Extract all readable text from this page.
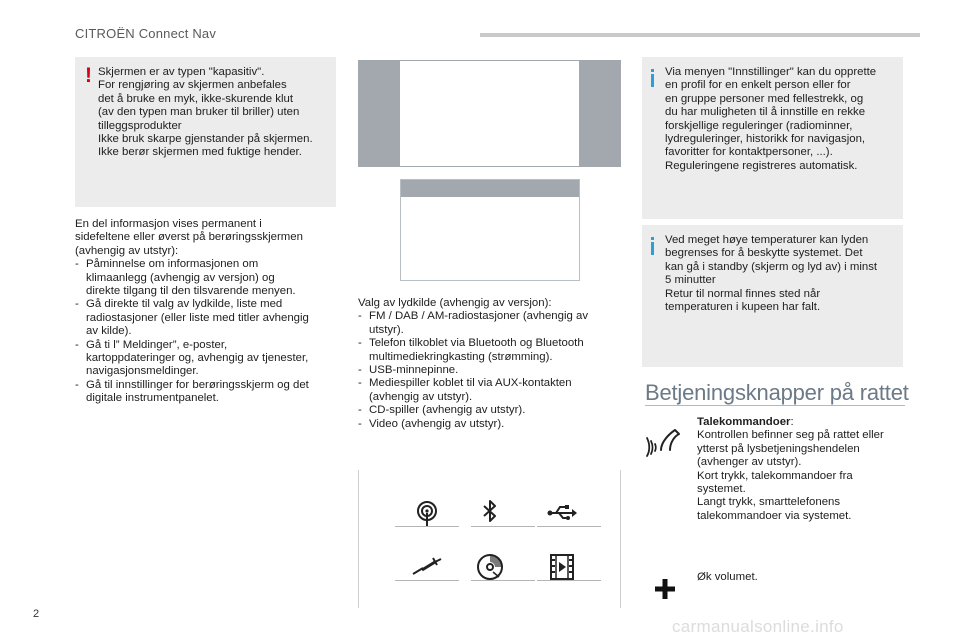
CITROËN Connect Nav
! Skjermen er av typen "kapasitiv".

For rengjøring av skjermen anbefales

det å bruke en myk, ikke-skurende klut

(av den typen man bruker til briller) uten

tilleggsprodukter

Ikke bruk skarpe gjenstander på skjermen.

Ikke berør skjermen med fuktige hender.

En del informasjon vises permanent i

sidefeltene eller øverst på berøringsskjermen

(avhengig av utstyr):

- Påminnelse om informasjonen om
klimaanlegg (avhengig av versjon) og
direkte tilgang til den tilsvarende menyen.
- Gå direkte til valg av lydkilde, liste med
radiostasjoner (eller liste med titler avhengig
av kilde).
- Gå ti l” Meldinger”, e-poster,
kartoppdateringer og, avhengig av tjenester,
navigasjonsmeldinger.
- Gå til innstillinger for berøringsskjerm og det
digitale instrumentpanelet.

Valg av lydkilde (avhengig av versjon):

- FM / DAB / AM-radiostasjoner (avhengig av
utstyr).
- Telefon tilkoblet via Bluetooth og Bluetooth
multimediekringkasting (strømming).
- USB-minnepinne.
- Mediespiller koblet til via AUX-kontakten
(avhengig av utstyr).
- CD-spiller (avhengig av utstyr).
- Video (avhengig av utstyr).

Via menyen "Innstillinger" kan du opprette

en profil for en enkelt person eller for

en gruppe personer med fellestrekk, og

du har muligheten til å innstille en rekke

forskjellige reguleringer (radiominner,

lydreguleringer, historikk for navigasjon,

favoritter for kontaktpersoner, ...).

Reguleringene registreres automatisk.

Ved meget høye temperaturer kan lyden

begrenses for å beskytte systemet. Det

kan gå i standby (skjerm og lyd av) i minst

5 minutter

Retur til normal finnes sted når

temperaturen i kupeen har falt.

Betjeningsknapper på rattet

Talekommandoer:

Kontrollen befinner seg på rattet eller

ytterst på lysbetjeningshendelen

(avhenger av utstyr).

Kort trykk, talekommandoer fra

systemet.

Langt trykk, smarttelefonens

talekommandoer via systemet.

Øk volumet.
2
carmanualsonline.info
